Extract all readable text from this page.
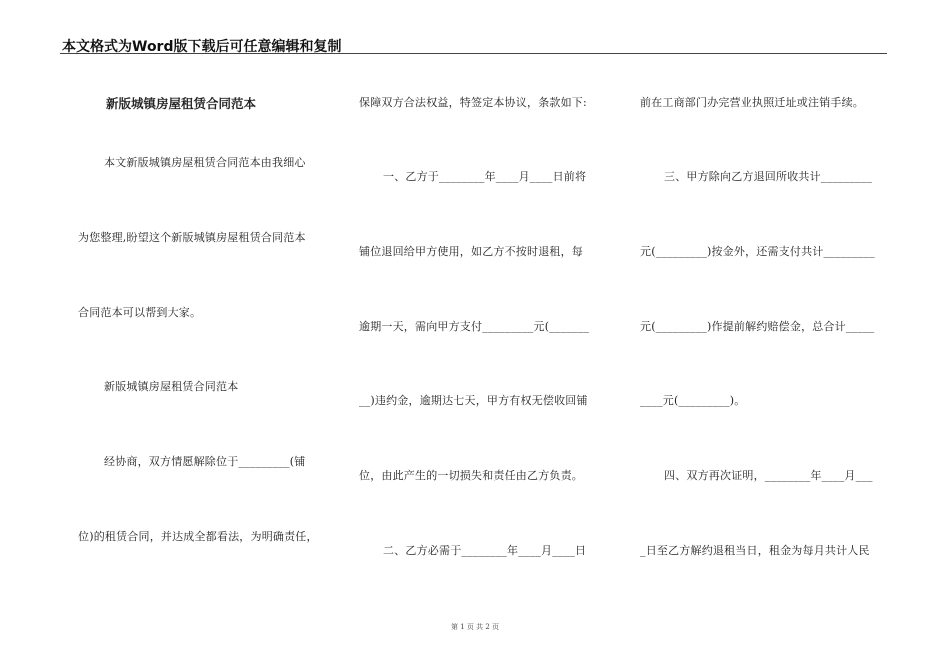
本文格式为Word版下载后可任意编辑和复制
新版城镇房屋租赁合同范本
本文新版城镇房屋租赁合同范本由我细心
为您整理,盼望这个新版城镇房屋租赁合同范本
合同范本可以帮到大家。
新版城镇房屋租赁合同范本
经协商，双方情愿解除位于_________(铺
位)的租赁合同，并达成全都看法，为明确责任，
保障双方合法权益，特签定本协议，条款如下:
一、乙方于________年____月____日前将
铺位退回给甲方使用，如乙方不按时退租，每
逾期一天，需向甲方支付_________元(_______
__)违约金，逾期达七天，甲方有权无偿收回铺
位，由此产生的一切损失和责任由乙方负责。
二、乙方必需于________年____月____日
前在工商部门办完营业执照迁址或注销手续。
三、甲方除向乙方退回所收共计_________
元(_________)按金外，还需支付共计_________
元(_________)作提前解约赔偿金，总合计_____
____元(_________)。
四、双方再次证明，________年____月___
_日至乙方解约退租当日，租金为每月共计人民
第 1 页 共 2 页
